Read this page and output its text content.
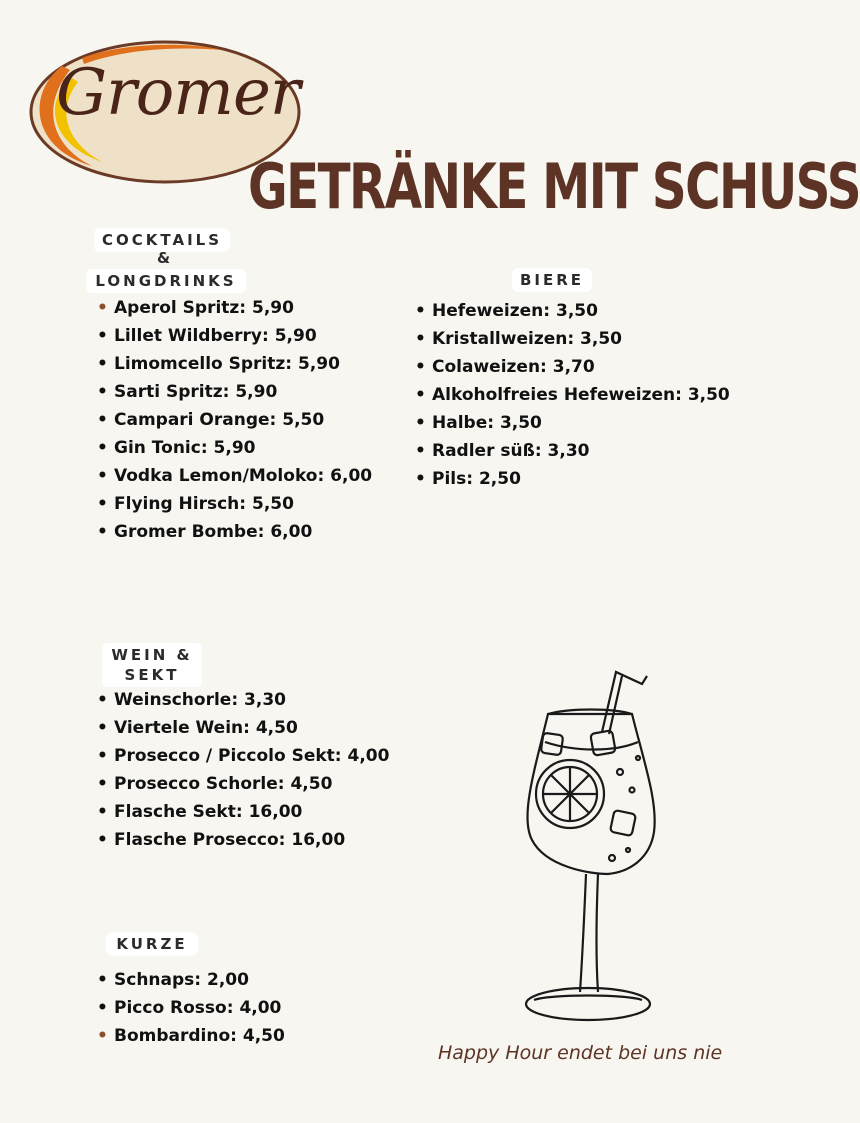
Gromer
GETRÄNKE MIT SCHUSS
COCKTAILS
&
LONGDRINKS
• Aperol Spritz: 5,90
• Lillet Wildberry: 5,90
• Limomcello Spritz: 5,90
• Sarti Spritz: 5,90
• Campari Orange: 5,50
• Gin Tonic: 5,90
• Vodka Lemon/Moloko: 6,00
• Flying Hirsch: 5,50
• Gromer Bombe: 6,00
BIERE
• Hefeweizen: 3,50
• Kristallweizen: 3,50
• Colaweizen: 3,70
• Alkoholfreies Hefeweizen: 3,50
• Halbe: 3,50
• Radler süß: 3,30
• Pils: 2,50
WEIN &
SEKT
• Weinschorle: 3,30
• Viertele Wein: 4,50
• Prosecco / Piccolo Sekt: 4,00
• Prosecco Schorle: 4,50
• Flasche Sekt: 16,00
• Flasche Prosecco: 16,00
KURZE
• Schnaps: 2,00
• Picco Rosso: 4,00
• Bombardino: 4,50
Happy Hour endet bei uns nie
